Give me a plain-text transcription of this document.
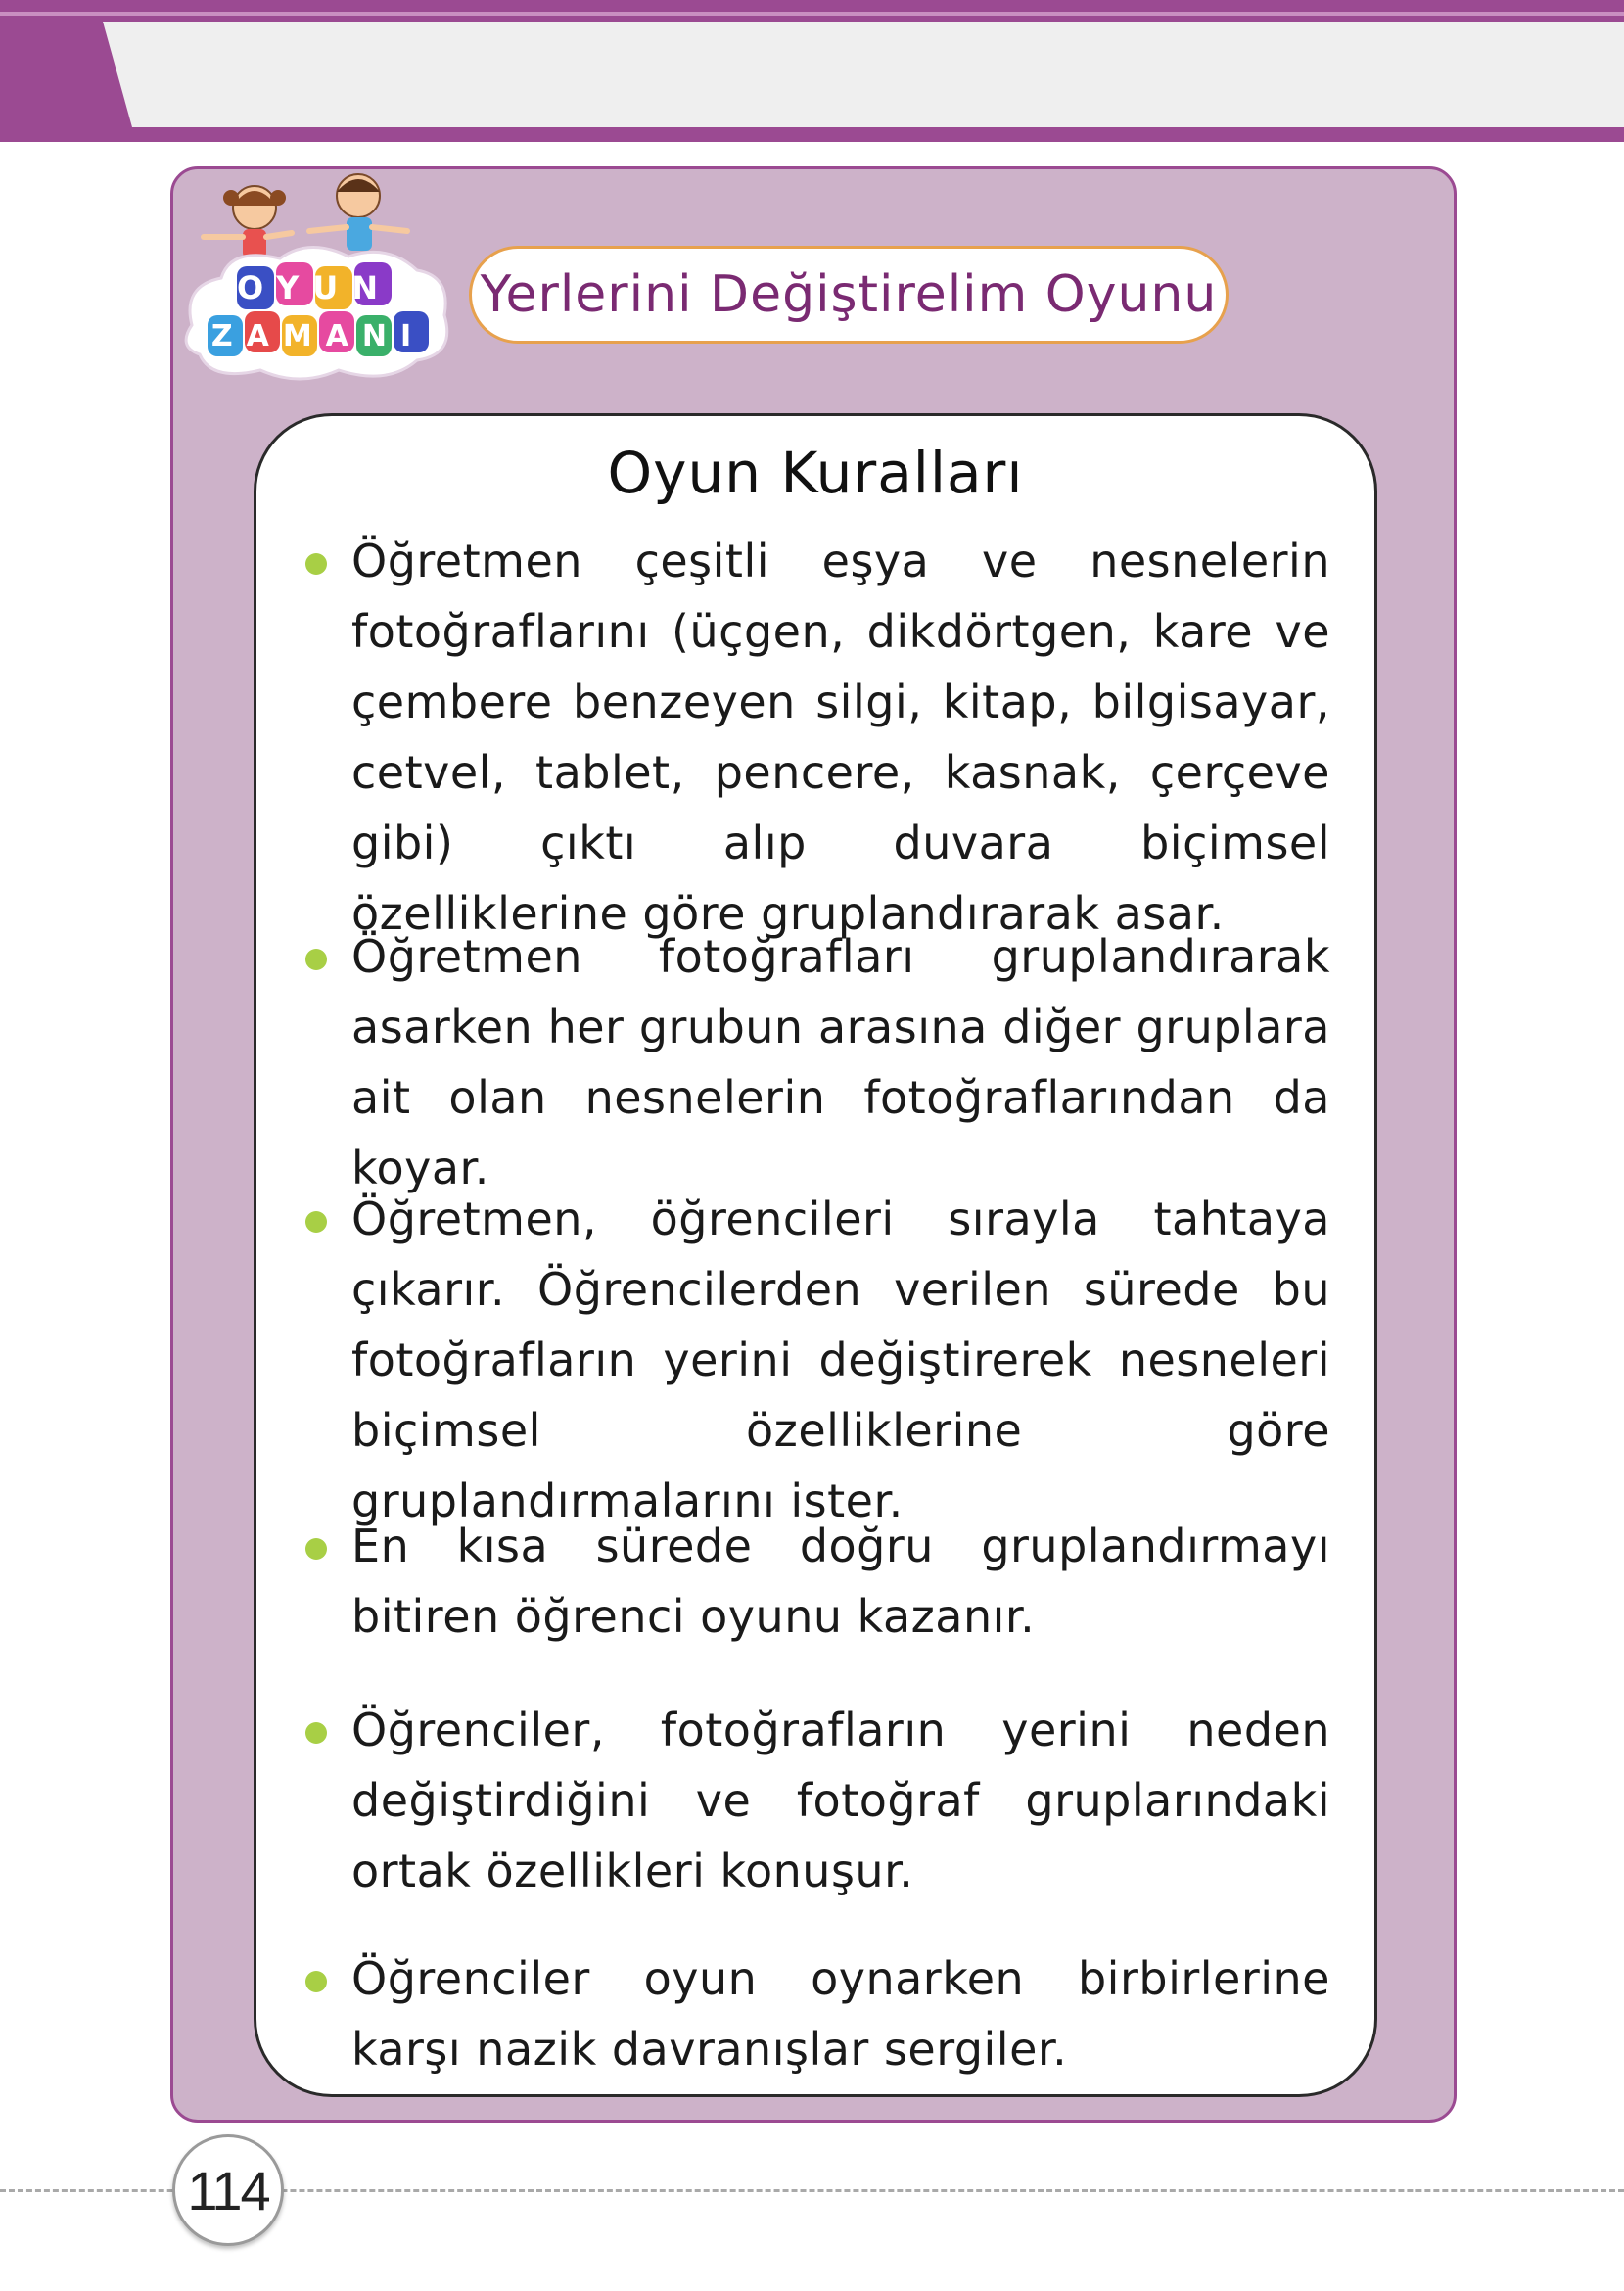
OYUN
ZAMANI
Yerlerini Değiştirelim Oyunu
Oyun Kuralları
Öğretmen çeşitli eşya ve nesnelerin fotoğraflarını (üçgen, dikdörtgen, kare ve çembere benzeyen silgi, kitap, bilgisayar, cetvel, tablet, pencere, kasnak, çerçeve gibi) çıktı alıp duvara biçimsel özelliklerine göre gruplandırarak asar.
Öğretmen fotoğrafları gruplandırarak asarken her grubun arasına diğer gruplara ait olan nesnelerin fotoğraflarından da koyar.
Öğretmen, öğrencileri sırayla tahtaya çıkarır. Öğrencilerden verilen sürede bu fotoğrafların yerini değiştirerek nesneleri biçimsel özelliklerine göre gruplandırmalarını ister.
En kısa sürede doğru gruplandırmayı bitiren öğrenci oyunu kazanır.
Öğrenciler, fotoğrafların yerini neden değiştirdiğini ve fotoğraf gruplarındaki ortak özellikleri konuşur.
Öğrenciler oyun oynarken birbirlerine karşı nazik davranışlar sergiler.
114
